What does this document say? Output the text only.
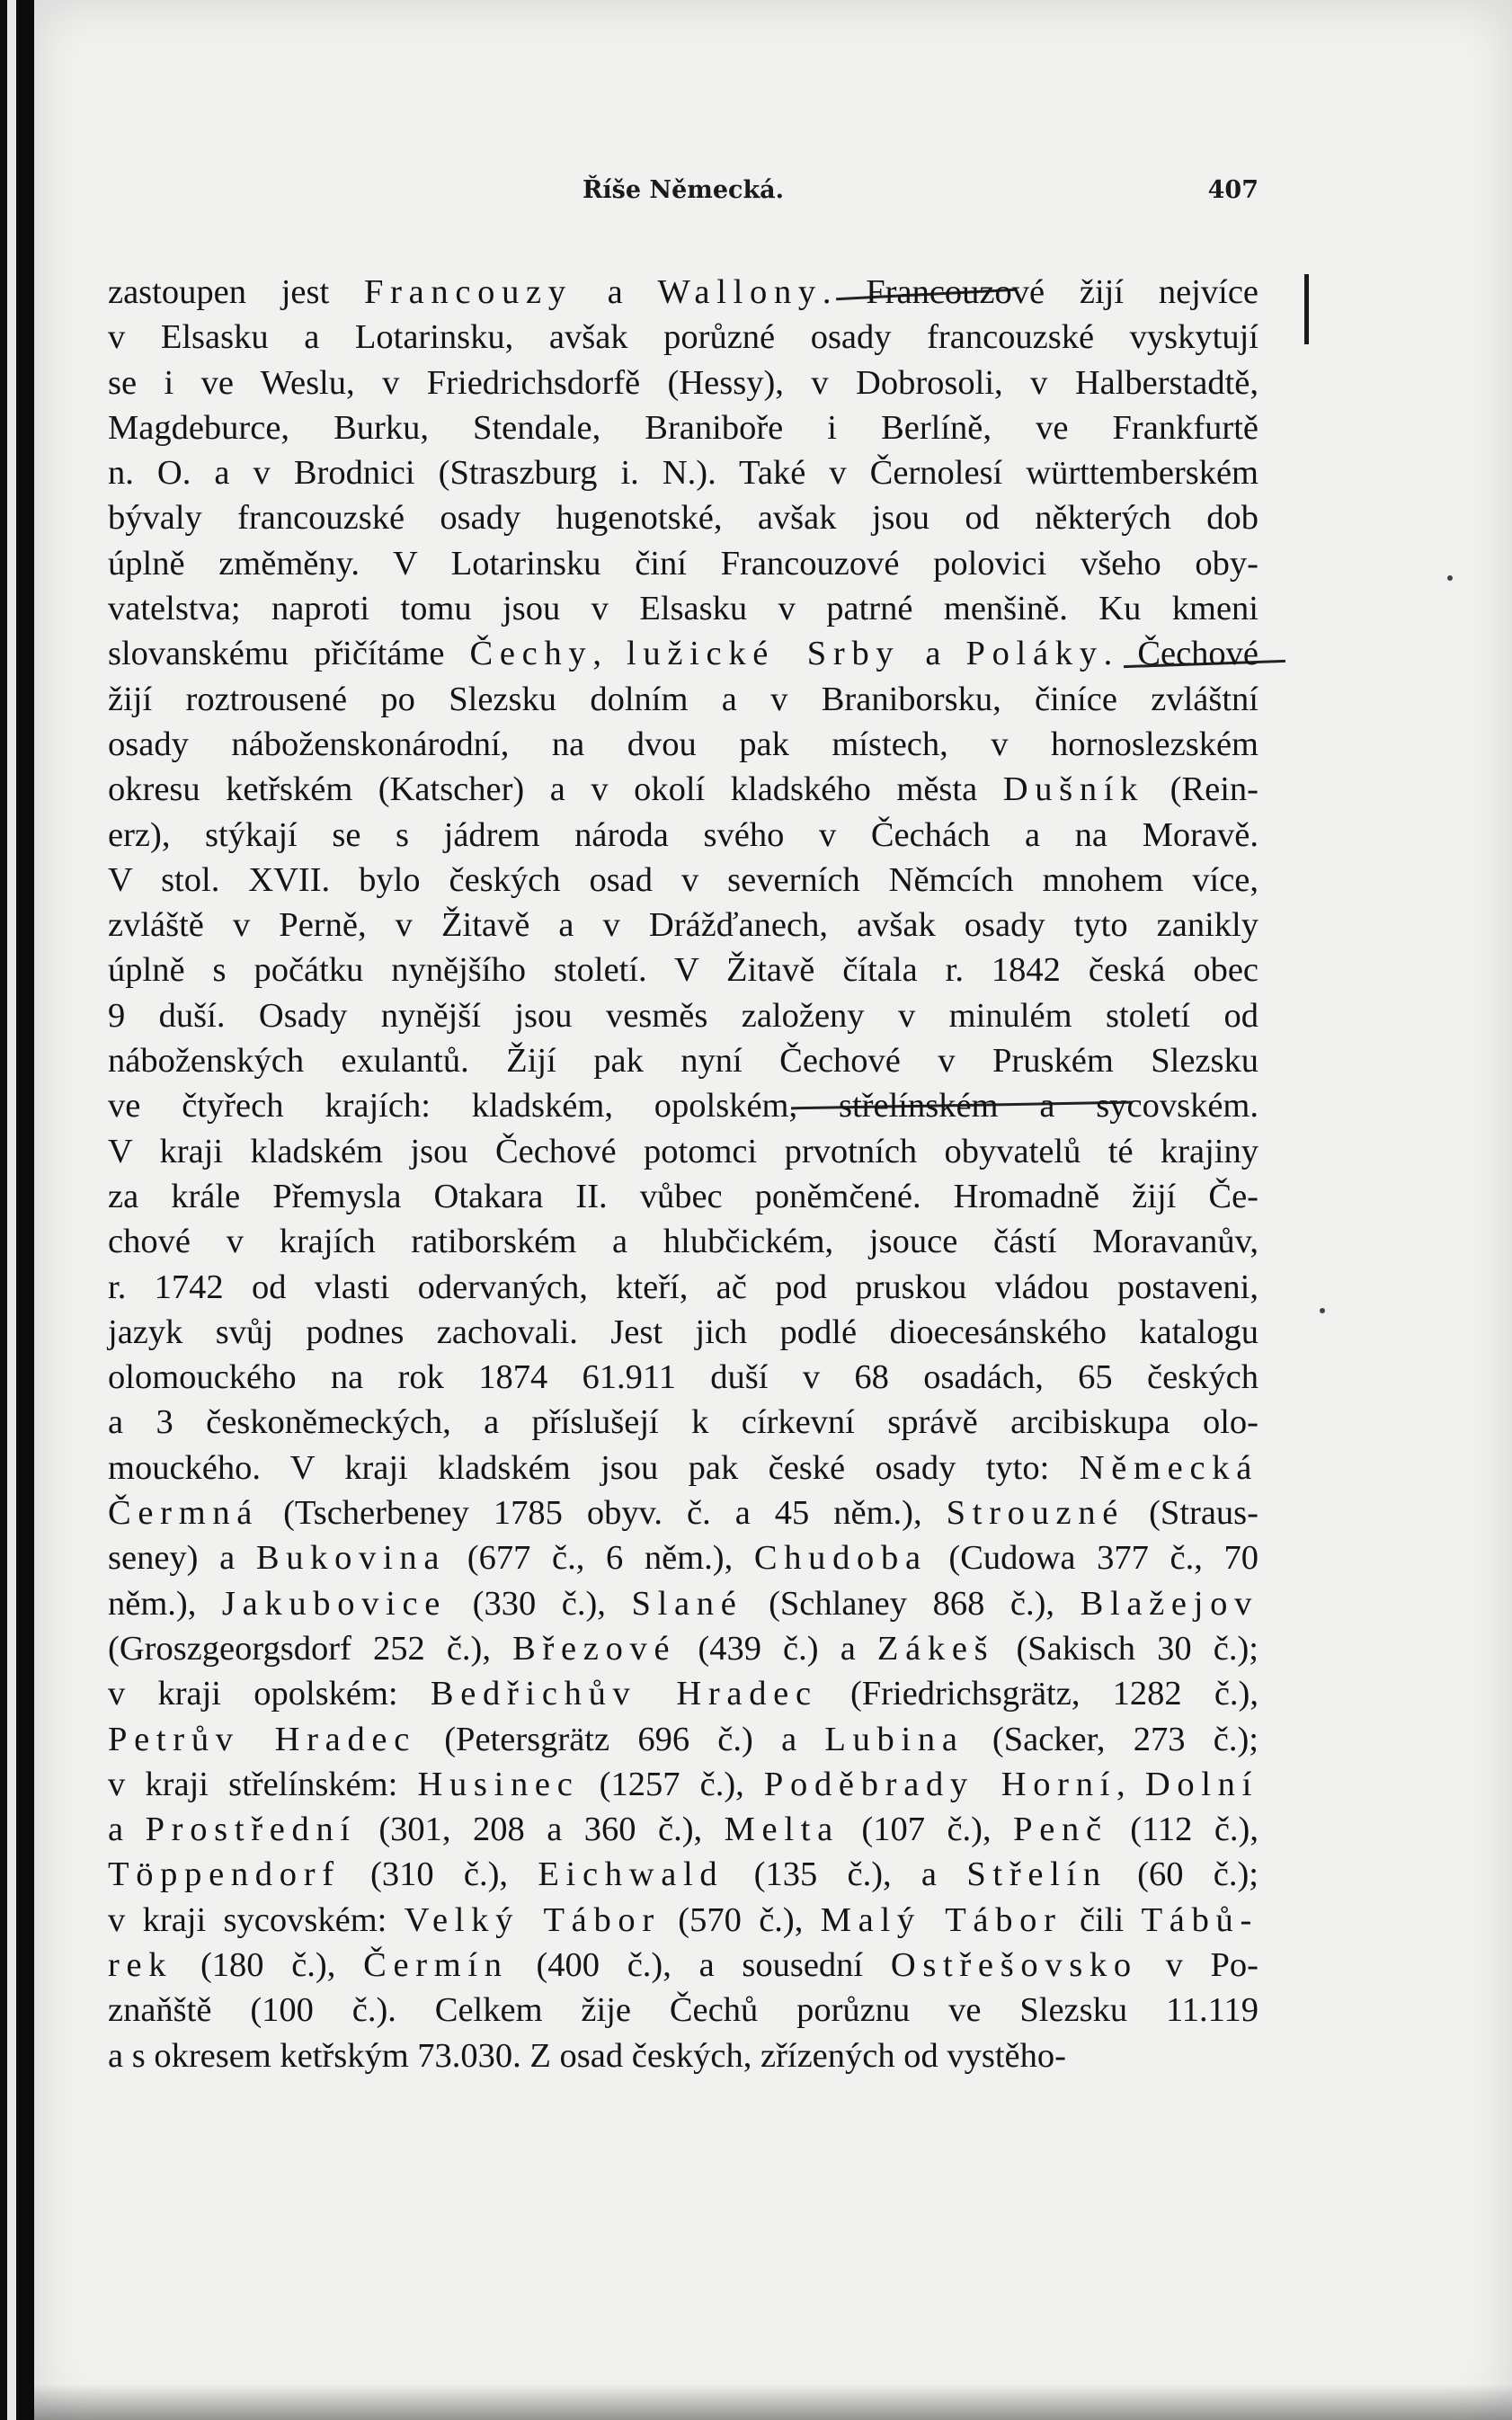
Říše Německá.	407
zastoupen jest Francouzy a Wallony. Francouzové žijí nejvíce
v Elsasku a Lotarinsku, avšak porůzné osady francouzské vyskytují
se i ve Weslu, v Friedrichsdorfě (Hessy), v Dobrosoli, v Halberstadtě,
Magdeburce, Burku, Stendale, Braniboře i Berlíně, ve Frankfurtě
n. O. a v Brodnici (Straszburg i. N.). Také v Černolesí württemberském
bývaly francouzské osady hugenotské, avšak jsou od některých dob
úplně změměny. V Lotarinsku činí Francouzové polovici všeho oby-
vatelstva; naproti tomu jsou v Elsasku v patrné menšině. Ku kmeni
slovanskému přičítáme Čechy, lužické Srby a Poláky. Čechové
žijí roztrousené po Slezsku dolním a v Braniborsku, činíce zvláštní
osady náboženskonárodní, na dvou pak místech, v hornoslezském
okresu ketřském (Katscher) a v okolí kladského města Dušník (Rein-
erz), stýkají se s jádrem národa svého v Čechách a na Moravě.
V stol. XVII. bylo českých osad v severních Němcích mnohem více,
zvláště v Perně, v Žitavě a v Drážďanech, avšak osady tyto zanikly
úplně s počátku nynějšího století. V Žitavě čítala r. 1842 česká obec
9 duší. Osady nynější jsou vesměs založeny v minulém století od
náboženských exulantů. Žijí pak nyní Čechové v Pruském Slezsku
ve čtyřech krajích: kladském, opolském, střelínském a sycovském.
V kraji kladském jsou Čechové potomci prvotních obyvatelů té krajiny
za krále Přemysla Otakara II. vůbec poněmčené. Hromadně žijí Če-
chové v krajích ratiborském a hlubčickém, jsouce částí Moravanův,
r. 1742 od vlasti odervaných, kteří, ač pod pruskou vládou postaveni,
jazyk svůj podnes zachovali. Jest jich podlé dioecesánského katalogu
olomouckého na rok 1874 61.911 duší v 68 osadách, 65 českých
a 3 českoněmeckých, a příslušejí k církevní správě arcibiskupa olo-
mouckého. V kraji kladském jsou pak české osady tyto: Německá
Čermná (Tscherbeney 1785 obyv. č. a 45 něm.), Strouzné (Straus-
seney) a Bukovina (677 č., 6 něm.), Chudoba (Cudowa 377 č., 70
něm.), Jakubovice (330 č.), Slané (Schlaney 868 č.), Blažejov
(Groszgeorgsdorf 252 č.), Březové (439 č.) a Zákeš (Sakisch 30 č.);
v kraji opolském: Bedřichův Hradec (Friedrichsgrätz, 1282 č.),
Petrův Hradec (Petersgrätz 696 č.) a Lubina (Sacker, 273 č.);
v kraji střelínském: Husinec (1257 č.), Poděbrady Horní, Dolní
a Prostřední (301, 208 a 360 č.), Melta (107 č.), Penč (112 č.),
Töppendorf (310 č.), Eichwald (135 č.), a Střelín (60 č.);
v kraji sycovském: Velký Tábor (570 č.), Malý Tábor čili Tábů-
rek (180 č.), Čermín (400 č.), a sousední Ostřešovsko v Po-
znaňště (100 č.). Celkem žije Čechů porůznu ve Slezsku 11.119
a s okresem ketřským 73.030. Z osad českých, zřízených od vystěho-
